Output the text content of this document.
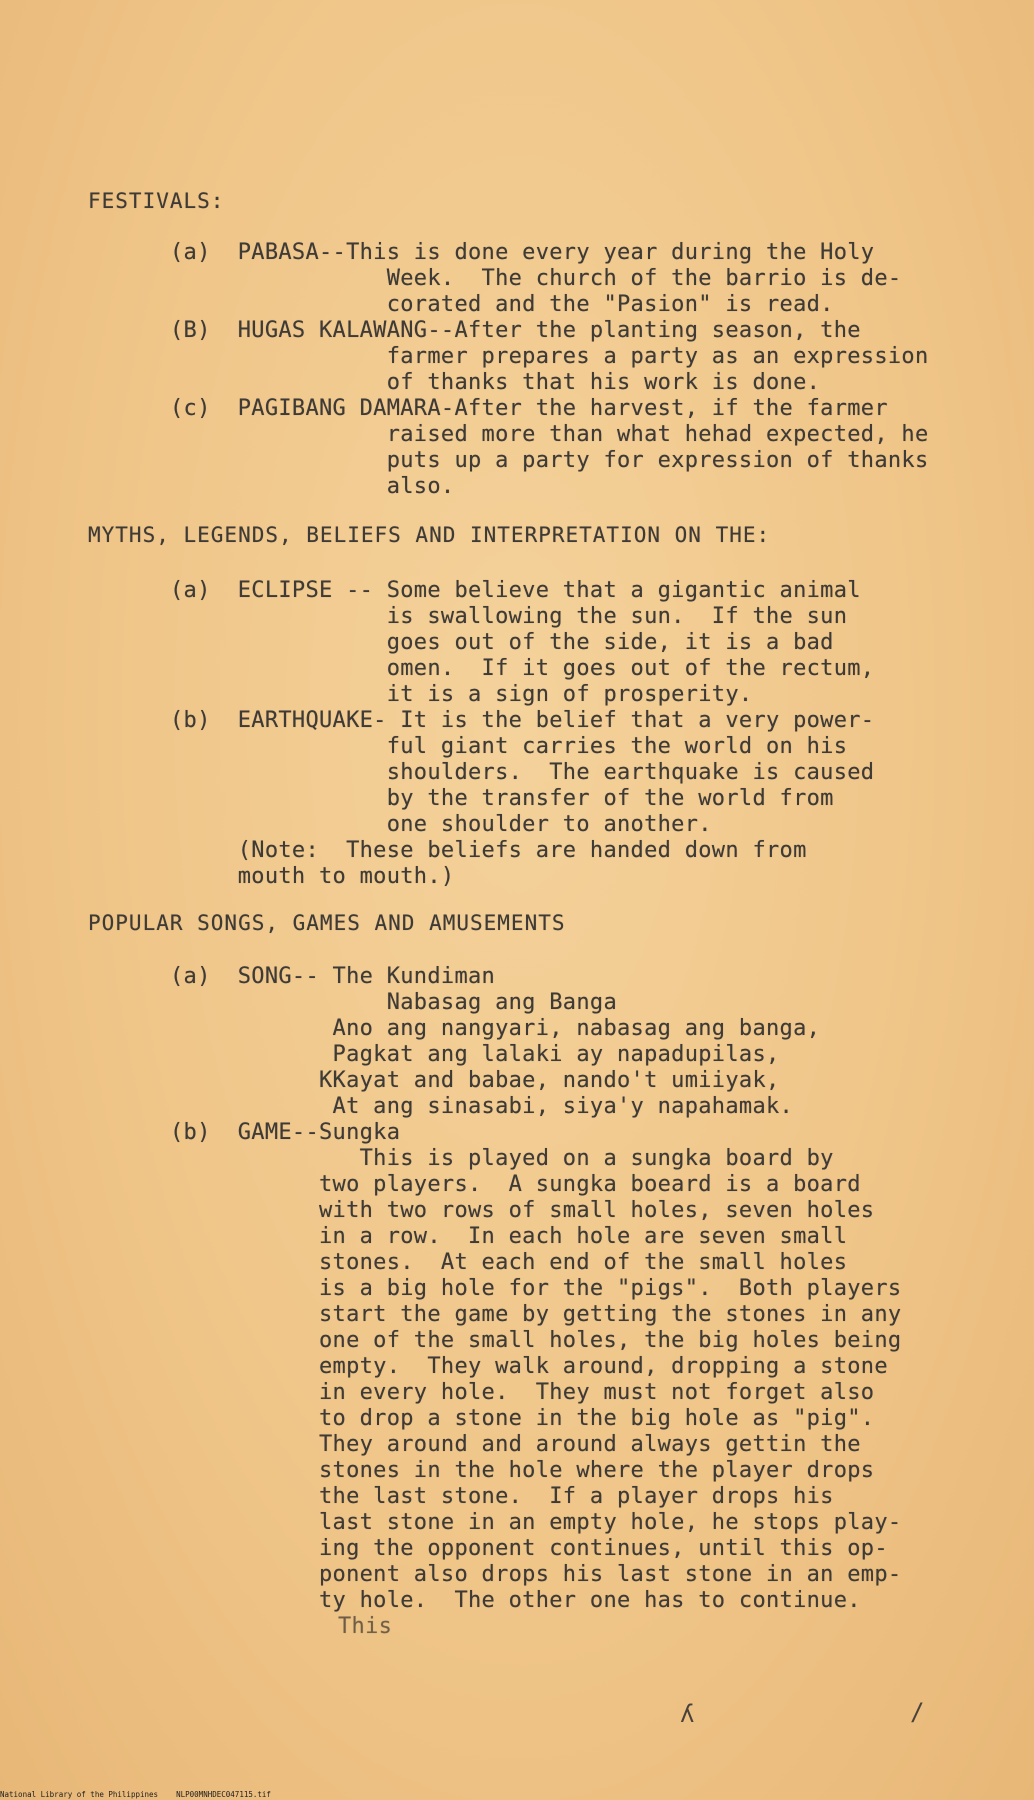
FESTIVALS:
(a)  PABASA--This is done every year during the Holy
Week.  The church of the barrio is de-
corated and the "Pasion" is read.
(B)  HUGAS KALAWANG--After the planting season, the
farmer prepares a party as an expression
of thanks that his work is done.
(c)  PAGIBANG DAMARA-After the harvest, if the farmer
raised more than what hehad expected, he
puts up a party for expression of thanks
also.
MYTHS, LEGENDS, BELIEFS AND INTERPRETATION ON THE:
(a)  ECLIPSE -- Some believe that a gigantic animal
is swallowing the sun.  If the sun
goes out of the side, it is a bad
omen.  If it goes out of the rectum,
it is a sign of prosperity.
(b)  EARTHQUAKE- It is the belief that a very power-
ful giant carries the world on his
shoulders.  The earthquake is caused
by the transfer of the world from
one shoulder to another.
(Note:  These beliefs are handed down from
mouth to mouth.)
POPULAR SONGS, GAMES AND AMUSEMENTS
(a)  SONG-- The Kundiman
Nabasag ang Banga
Ano ang nangyari, nabasag ang banga,
Pagkat ang lalaki ay napadupilas,
KKayat and babae, nando't umiiyak,
At ang sinasabi, siya'y napahamak.
(b)  GAME--Sungka
This is played on a sungka board by
two players.  A sungka boeard is a board
with two rows of small holes, seven holes
in a row.  In each hole are seven small
stones.  At each end of the small holes
is a big hole for the "pigs".  Both players
start the game by getting the stones in any
one of the small holes, the big holes being
empty.  They walk around, dropping a stone
in every hole.  They must not forget also
to drop a stone in the big hole as "pig".
They around and around always gettin the
stones in the hole where the player drops
the last stone.  If a player drops his
last stone in an empty hole, he stops play-
ing the opponent continues, until this op-
ponent also drops his last stone in an emp-
ty hole.  The other one has to continue.
This
ʎ	/
National Library of the Philippines    NLP00MNHDEC047115.tif
